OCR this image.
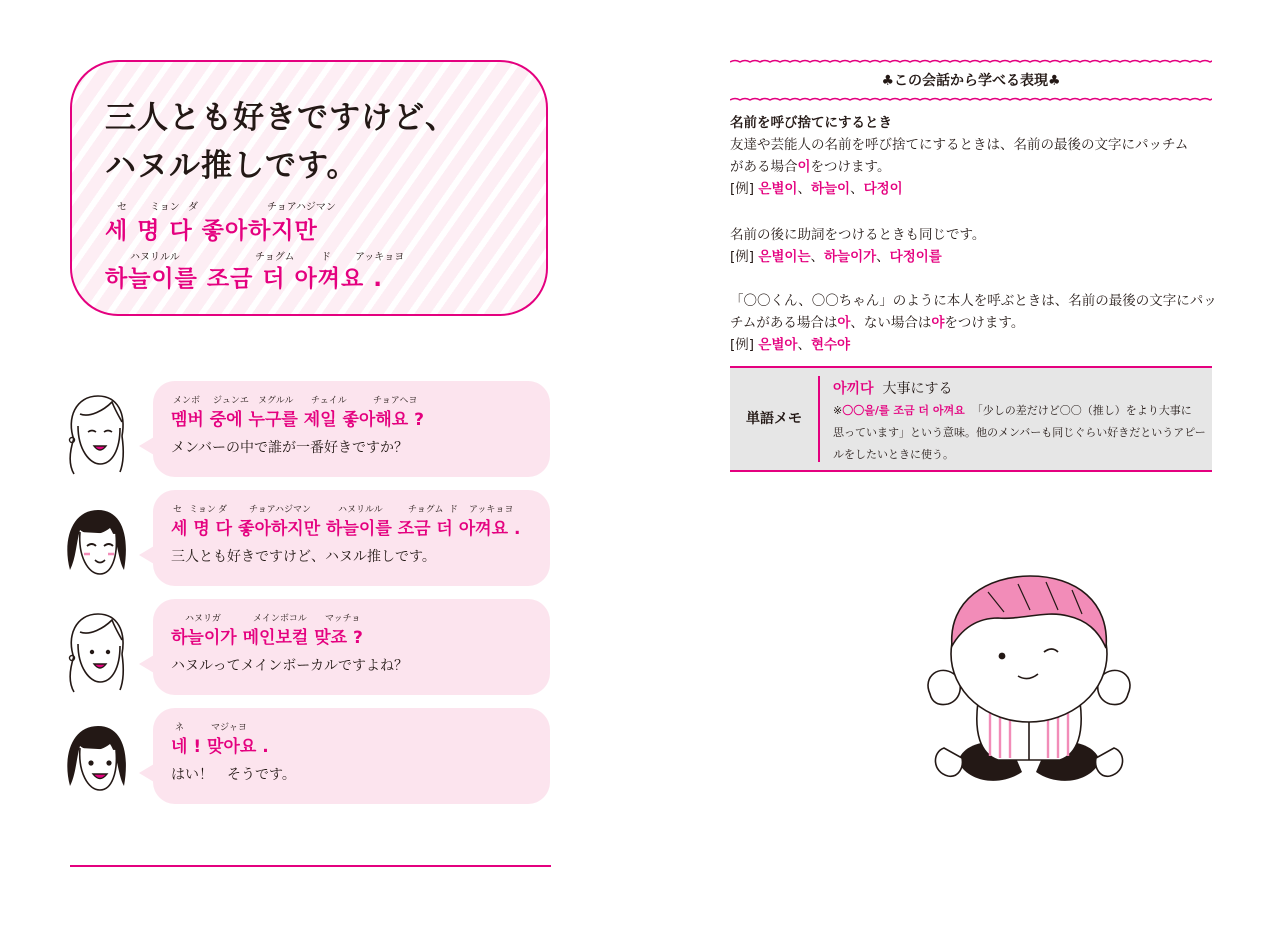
三人とも好きですけど、
ハヌル推しです。
セ ミョン ダ	チョアハジマン
세 명 다 좋아하지만
ハヌリルル	チョグム	ド アッキョヨ
하늘이를 조금 더 아껴요 .
メンボ ジュンエ ヌグルル チェイル	チョアヘヨ
멤버 중에 누구를 제일 좋아해요 ?
メンバーの中で誰が一番好きですか？
セ ミョン ダ チョアハジマン	ハヌリルル	チョグム ド アッキョヨ
세 명 다 좋아하지만 하늘이를 조금 더 아껴요 .
三人とも好きですけど、ハヌル推しです。
ハヌリガ	メインボコル マッチョ
하늘이가 메인보컬 맞죠 ?
ハヌルってメインボーカルですよね？
ネ	マジャヨ
네 ! 맞아요 .
はい！　そうです。
♣この会話から学べる表現♣
名前を呼び捨てにするとき
友達や芸能人の名前を呼び捨てにするときは、名前の最後の文字にパッチム
がある場合이をつけます。
[例] 은별이、하늘이、다정이
名前の後に助詞をつけるときも同じです。
[例] 은별이는、하늘이가、다정이를
「〇〇くん、〇〇ちゃん」のように本人を呼ぶときは、名前の最後の文字にパッ
チムがある場合は아、ない場合は야をつけます。
[例] 은별아、현수야
単語メモ
아끼다 大事にする
※〇〇을/를 조금 더 아껴요 「少しの差だけど〇〇（推し）をより大事に
思っています」という意味。他のメンバーも同じぐらい好きだというアピー
ルをしたいときに使う。
